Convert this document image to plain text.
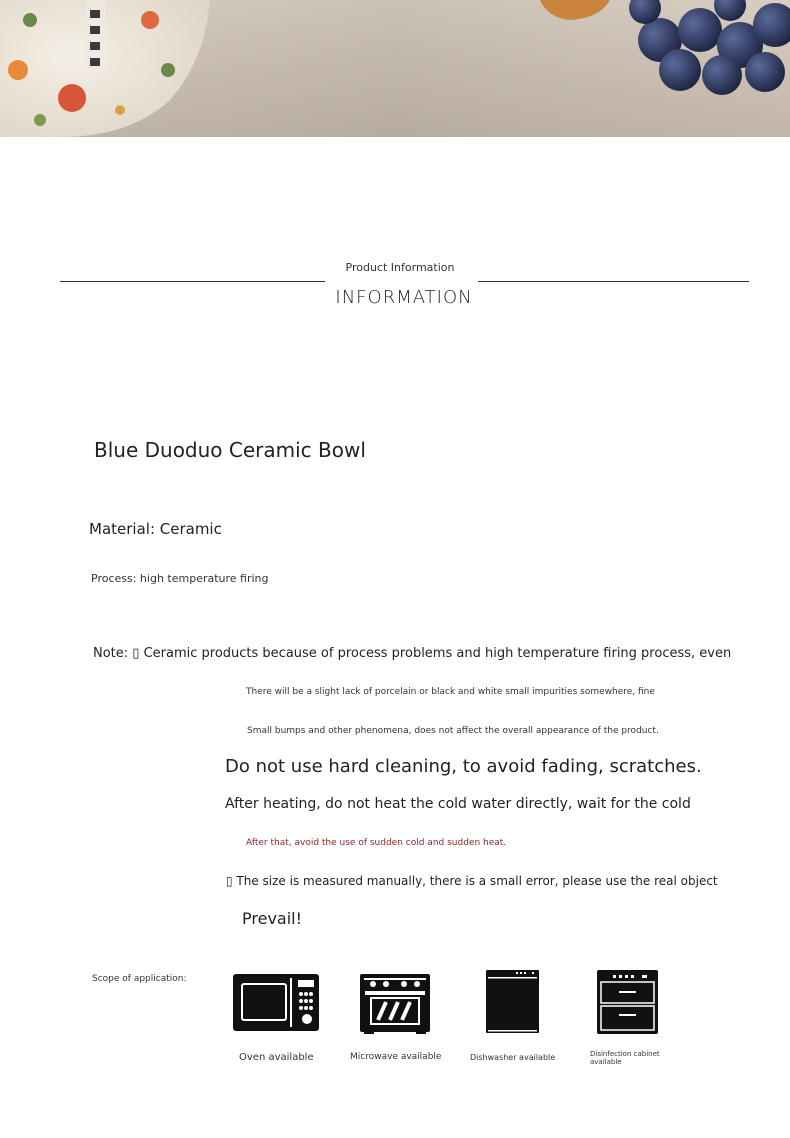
Product Information
INFORMATION
Blue Duoduo Ceramic Bowl
Material: Ceramic
Process: high temperature firing
Note: ▯ Ceramic products because of process problems and high temperature firing process, even
There will be a slight lack of porcelain or black and white small impurities somewhere, fine
Small bumps and other phenomena, does not affect the overall appearance of the product.
Do not use hard cleaning, to avoid fading, scratches.
After heating, do not heat the cold water directly, wait for the cold
After that, avoid the use of sudden cold and sudden heat.
▯ The size is measured manually, there is a small error, please use the real object
Prevail!
Scope of application:
Oven available	Microwave available	Dishwasher available	Disinfection cabinet available
